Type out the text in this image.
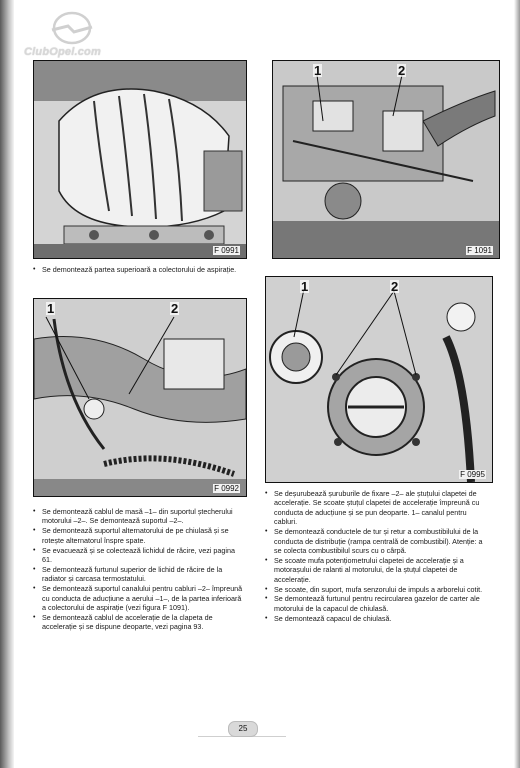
ClubOpel.com
F 0991
• Se demontează partea superioară a colectorului de aspirație.
1	2
F 1091
1	2
F 0992
1	2
F 0995
• Se demontează cablul de masă –1– din suportul ștecherului motorului –2–. Se demontează suportul –2–.
• Se demontează suportul alternatorului de pe chiulasă și se rotește alternatorul înspre spate.
• Se evacuează și se colectează lichidul de răcire, vezi pagina 61.
• Se demontează furtunul superior de lichid de răcire de la radiator și carcasa termostatului.
• Se demontează suportul canalului pentru cabluri –2– împreună cu conducta de aducțiune a aerului –1–, de la partea inferioară a colectorului de aspirație (vezi figura F 1091).
• Se demontează cablul de accelerație de la clapeta de accelerație și se dispune deoparte, vezi pagina 93.
• Se deșurubează șuruburile de fixare –2– ale ștuțului clapetei de accelerație. Se scoate ștuțul clapetei de accelerație împreună cu conducta de aducțiune și se pun deoparte. 1– canalul pentru cabluri.
• Se demontează conductele de tur și retur a combustibilului de la conducta de distribuție (rampa centrală de combustibil). Atenție: a se colecta combustibilul scurs cu o cârpă.
• Se scoate mufa potențiometrului clapetei de accelerație și a motorașului de ralanti al motorului, de la ștuțul clapetei de accelerație.
• Se scoate, din suport, mufa senzorului de impuls a arborelui cotit.
• Se demontează furtunul pentru recircularea gazelor de carter ale motorului de la capacul de chiulasă.
• Se demontează capacul de chiulasă.
25
